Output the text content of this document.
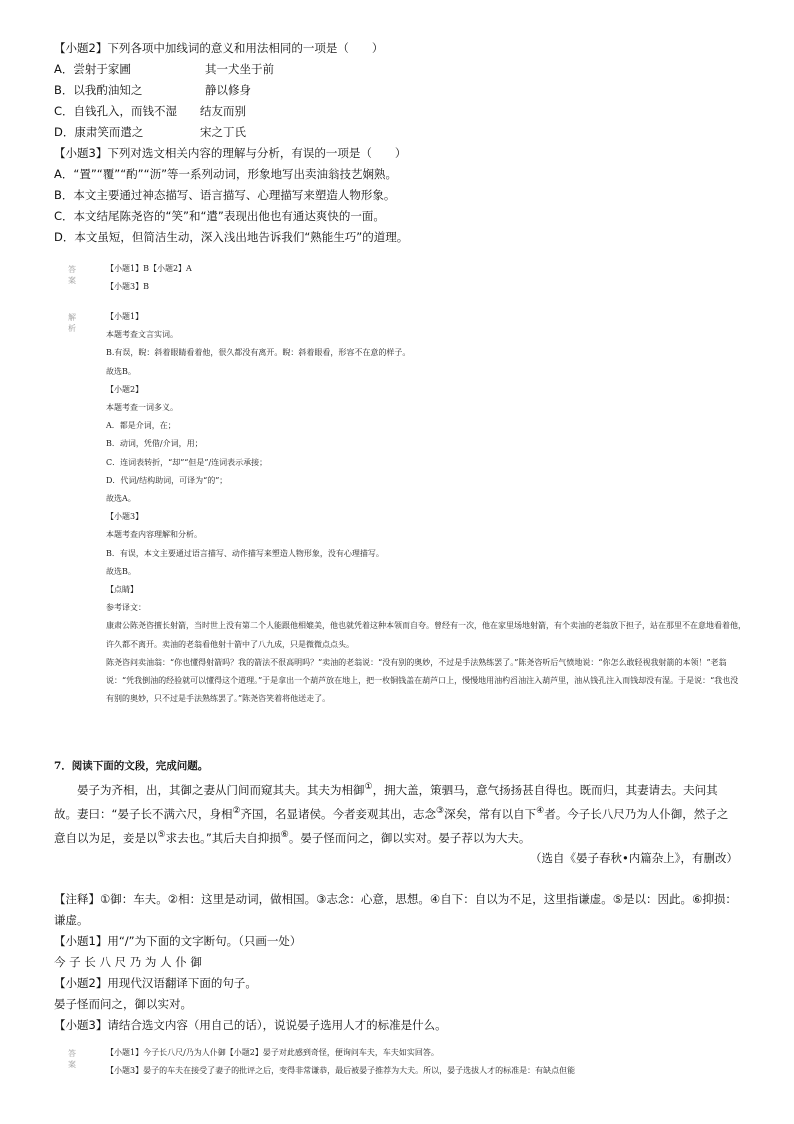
【小题2】下列各项中加线词的意义和用法相同的一项是（　　）
A．尝射于家圃	其一犬坐于前
B．以我酌油知之	静以修身
C．自钱孔入，而钱不湿 结友而别
D．康肃笑而遣之	宋之丁氏
【小题3】下列对选文相关内容的理解与分析，有误的一项是（　　）
A．“置”“覆”“酌”“沥”等一系列动词，形象地写出卖油翁技艺娴熟。
B．本文主要通过神态描写、语言描写、心理描写来塑造人物形象。
C．本文结尾陈尧咨的“笑”和“遣”表现出他也有通达爽快的一面。
D．本文虽短，但简洁生动，深入浅出地告诉我们“熟能生巧”的道理。
答案
【小题1】B【小题2】A
【小题3】B
解析
【小题1】
本题考查文言实词。
B.有误，睨：斜着眼睛看着他，很久都没有离开。睨：斜着眼看，形容不在意的样子。
故选B。
【小题2】
本题考查一词多义。
A．都是介词，在；
B．动词，凭借/介词，用；
C．连词表转折，“却”“但是”/连词表示承接；
D．代词/结构助词，可译为“的”；
故选A。
【小题3】
本题考查内容理解和分析。
B．有误，本文主要通过语言描写、动作描写来塑造人物形象，没有心理描写。
故选B。
【点睛】
参考译文：
康肃公陈尧咨擅长射箭，当时世上没有第二个人能跟他相媲美，他也就凭着这种本领而自夸。曾经有一次，他在家里场地射箭，有个卖油的老翁放下担子，站在那里不在意地看着他，许久都不离开。卖油的老翁看他射十箭中了八九成，只是微微点点头。
陈尧咨问卖油翁：“你也懂得射箭吗？我的箭法不很高明吗？”卖油的老翁说：“没有别的奥妙，不过是手法熟练罢了。”陈尧咨听后气愤地说：“你怎么敢轻视我射箭的本领！”老翁说：“凭我倒油的经验就可以懂得这个道理。”于是拿出一个葫芦放在地上，把一枚铜钱盖在葫芦口上，慢慢地用油杓舀油注入葫芦里，油从钱孔注入而钱却没有湿。于是说：“我也没有别的奥妙，只不过是手法熟练罢了。”陈尧咨笑着将他送走了。
7．阅读下面的文段，完成问题。
晏子为齐相，出，其御之妻从门间而窥其夫。其夫为相御①，拥大盖，策驷马，意气扬扬甚自得也。既而归，其妻请去。夫问其故。妻曰：“晏子长不满六尺，身相②齐国，名显诸侯。今者妾观其出，志念③深矣，常有以自下④者。今子长八尺乃为人仆御，然子之意自以为足，妾是以⑤求去也。”其后夫自抑损⑥。晏子怪而问之，御以实对。晏子荐以为大夫。
（选自《晏子春秋•内篇杂上》，有删改）
【注释】①御：车夫。②相：这里是动词，做相国。③志念：心意，思想。④自下：自以为不足，这里指谦虚。⑤是以：因此。⑥抑损：谦虚。
【小题1】用“/”为下面的文字断句。（只画一处）
今 子 长 八 尺 乃 为 人 仆 御
【小题2】用现代汉语翻译下面的句子。
晏子怪而问之，御以实对。
【小题3】请结合选文内容（用自己的话），说说晏子选用人才的标准是什么。
答案
【小题1】今子长八尺/乃为人仆御【小题2】晏子对此感到奇怪，便询问车夫，车夫如实回答。
【小题3】晏子的车夫在接受了妻子的批评之后，变得非常谦恭，最后被晏子推荐为大夫。所以，晏子选拔人才的标准是：有缺点但能
